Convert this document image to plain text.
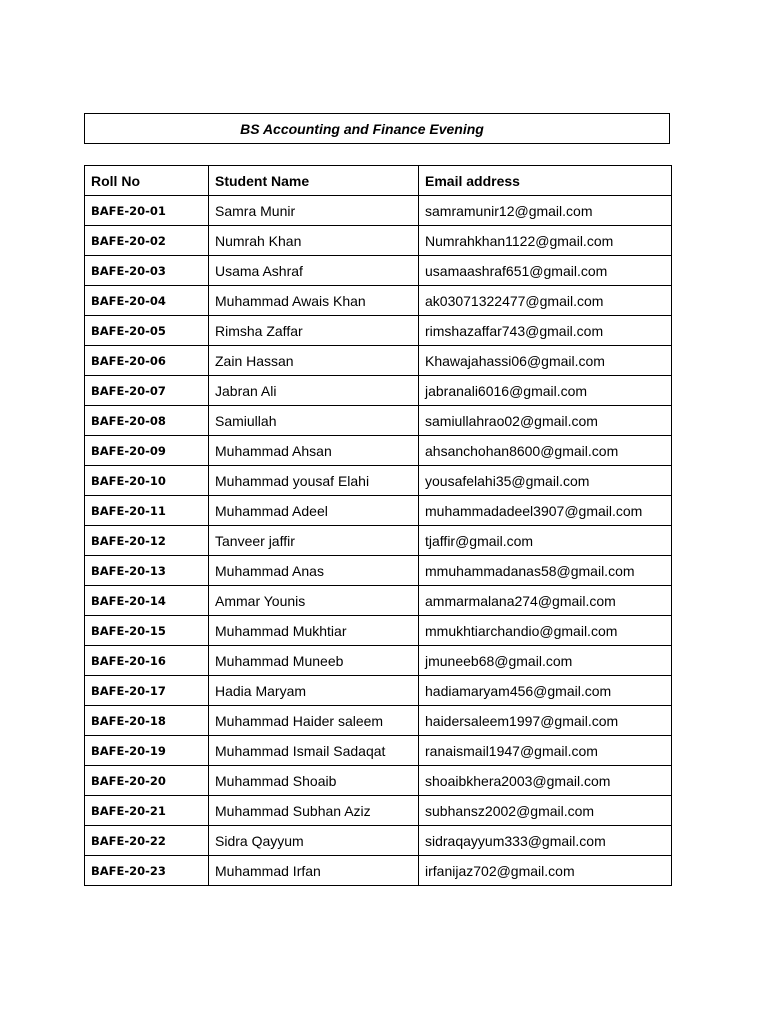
BS Accounting and Finance Evening
Roll No	Student Name	Email address
BAFE-20-01	Samra Munir	samramunir12@gmail.com
BAFE-20-02	Numrah Khan	Numrahkhan1122@gmail.com
BAFE-20-03	Usama Ashraf	usamaashraf651@gmail.com
BAFE-20-04	Muhammad Awais Khan	ak03071322477@gmail.com
BAFE-20-05	Rimsha Zaffar	rimshazaffar743@gmail.com
BAFE-20-06	Zain Hassan	Khawajahassi06@gmail.com
BAFE-20-07	Jabran Ali	jabranali6016@gmail.com
BAFE-20-08	Samiullah	samiullahrao02@gmail.com
BAFE-20-09	Muhammad Ahsan	ahsanchohan8600@gmail.com
BAFE-20-10	Muhammad yousaf Elahi	yousafelahi35@gmail.com
BAFE-20-11	Muhammad Adeel	muhammadadeel3907@gmail.com
BAFE-20-12	Tanveer jaffir	tjaffir@gmail.com
BAFE-20-13	Muhammad Anas	mmuhammadanas58@gmail.com
BAFE-20-14	Ammar Younis	ammarmalana274@gmail.com
BAFE-20-15	Muhammad Mukhtiar	mmukhtiarchandio@gmail.com
BAFE-20-16	Muhammad Muneeb	jmuneeb68@gmail.com
BAFE-20-17	Hadia Maryam	hadiamaryam456@gmail.com
BAFE-20-18	Muhammad Haider saleem	haidersaleem1997@gmail.com
BAFE-20-19	Muhammad Ismail Sadaqat	ranaismail1947@gmail.com
BAFE-20-20	Muhammad Shoaib	shoaibkhera2003@gmail.com
BAFE-20-21	Muhammad Subhan Aziz	subhansz2002@gmail.com
BAFE-20-22	Sidra Qayyum	sidraqayyum333@gmail.com
BAFE-20-23	Muhammad Irfan	irfanijaz702@gmail.com
